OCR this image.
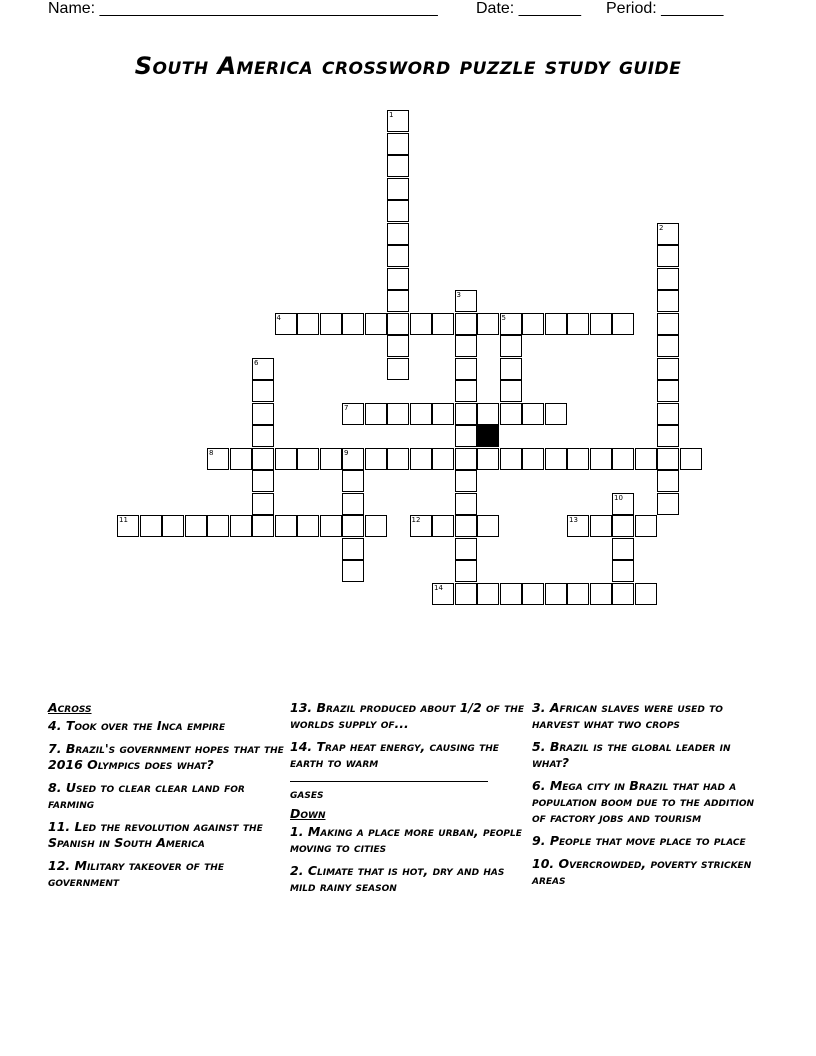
Name: ______________________________________ Date: _______ Period: _______
South America crossword puzzle study guide
1
2
3
4	5
6
7
8	9
10
11	12	13
14
Across
4. Took over the Inca empire
7. Brazil's government hopes that the 2016 Olympics does what?
8. Used to clear clear land for farming
11. Led the revolution against the Spanish in South America
12. Military takeover of the government
13. Brazil produced about 1/2 of the worlds supply of...
14. Trap heat energy, causing the earth to warm
gases
Down
1. Making a place more urban, people moving to cities
2. Climate that is hot, dry and has mild rainy season
3. African slaves were used to harvest what two crops
5. Brazil is the global leader in what?
6. Mega city in Brazil that had a population boom due to the addition of factory jobs and tourism
9. People that move place to place
10. Overcrowded, poverty stricken areas
